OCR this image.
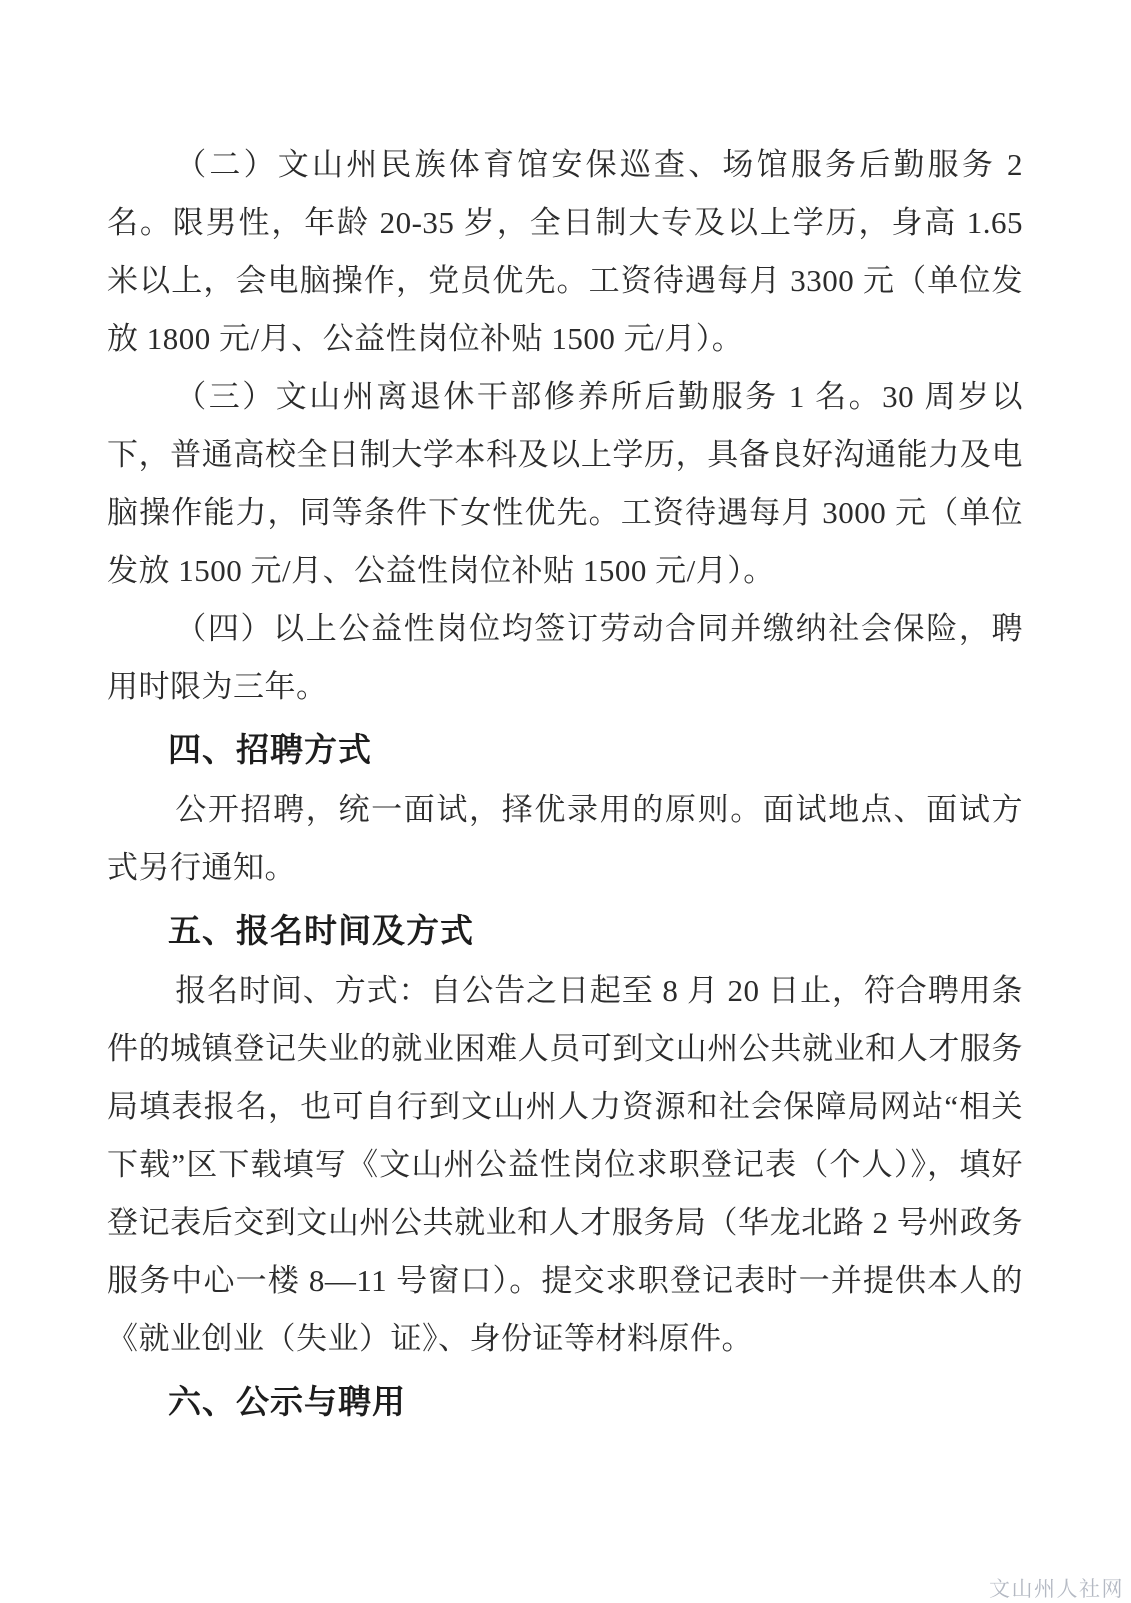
（二）文山州民族体育馆安保巡查、场馆服务后勤服务 2 名。限男性，年龄 20-35 岁，全日制大专及以上学历，身高 1.65 米以上，会电脑操作，党员优先。工资待遇每月 3300 元（单位发放 1800 元/月、公益性岗位补贴 1500 元/月）。

（三）文山州离退休干部修养所后勤服务 1 名。30 周岁以下，普通高校全日制大学本科及以上学历，具备良好沟通能力及电脑操作能力，同等条件下女性优先。工资待遇每月 3000 元（单位发放 1500 元/月、公益性岗位补贴 1500 元/月）。

（四）以上公益性岗位均签订劳动合同并缴纳社会保险，聘用时限为三年。

四、招聘方式

公开招聘，统一面试，择优录用的原则。面试地点、面试方式另行通知。

五、报名时间及方式

报名时间、方式：自公告之日起至 8 月 20 日止，符合聘用条件的城镇登记失业的就业困难人员可到文山州公共就业和人才服务局填表报名，也可自行到文山州人力资源和社会保障局网站“相关下载”区下载填写《文山州公益性岗位求职登记表（个人）》，填好登记表后交到文山州公共就业和人才服务局（华龙北路 2 号州政务服务中心一楼 8—11 号窗口）。提交求职登记表时一并提供本人的《就业创业（失业）证》、身份证等材料原件。

六、公示与聘用
文山州人社网
